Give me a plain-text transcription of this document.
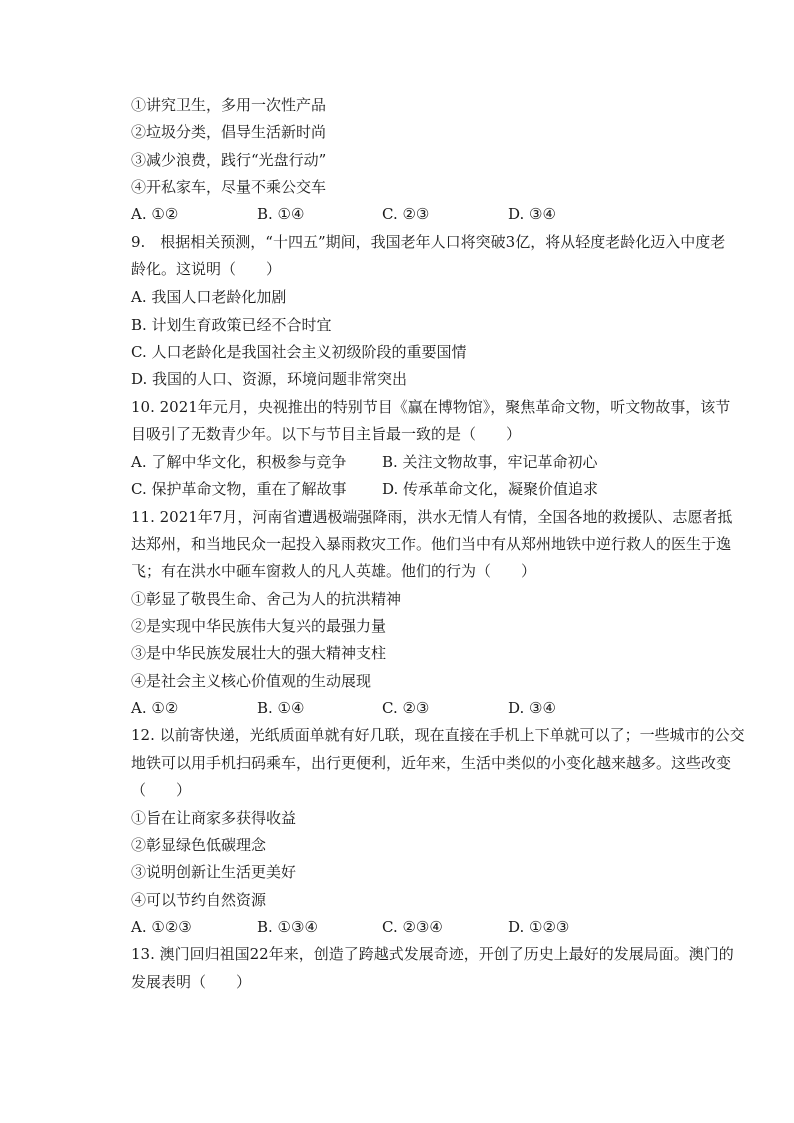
①讲究卫生，多用一次性产品
②垃圾分类，倡导生活新时尚
③减少浪费，践行“光盘行动”
④开私家车，尽量不乘公交车
A. ①②	B. ①④	C. ②③	D. ③④
9.　根据相关预测，“十四五”期间，我国老年人口将突破3亿，将从轻度老龄化迈入中度老
龄化。这说明（　　）
A. 我国人口老龄化加剧
B. 计划生育政策已经不合时宜
C. 人口老龄化是我国社会主义初级阶段的重要国情
D. 我国的人口、资源，环境问题非常突出
10. 2021年元月，央视推出的特别节目《赢在博物馆》，聚焦革命文物，听文物故事，该节
目吸引了无数青少年。以下与节目主旨最一致的是（　　）
A. 了解中华文化，积极参与竞争 B. 关注文物故事，牢记革命初心
C. 保护革命文物，重在了解故事 D. 传承革命文化，凝聚价值追求
11. 2021年7月，河南省遭遇极端强降雨，洪水无情人有情，全国各地的救援队、志愿者抵
达郑州，和当地民众一起投入暴雨救灾工作。他们当中有从郑州地铁中逆行救人的医生于逸
飞；有在洪水中砸车窗救人的凡人英雄。他们的行为（　　）
①彰显了敬畏生命、舍己为人的抗洪精神
②是实现中华民族伟大复兴的最强力量
③是中华民族发展壮大的强大精神支柱
④是社会主义核心价值观的生动展现
A. ①②	B. ①④	C. ②③	D. ③④
12. 以前寄快递，光纸质面单就有好几联，现在直接在手机上下单就可以了；一些城市的公交
地铁可以用手机扫码乘车，出行更便利，近年来，生活中类似的小变化越来越多。这些改变
（　　）
①旨在让商家多获得收益
②彰显绿色低碳理念
③说明创新让生活更美好
④可以节约自然资源
A. ①②③	B. ①③④	C. ②③④	D. ①②③
13. 澳门回归祖国22年来，创造了跨越式发展奇迹，开创了历史上最好的发展局面。澳门的
发展表明（　　）
